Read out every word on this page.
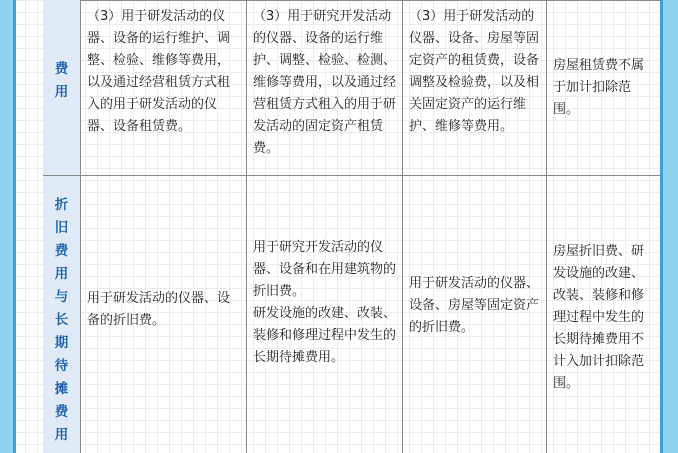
费用
（3）用于研发活动的仪器、设备的运行维护、调整、检验、维修等费用，以及通过经营租赁方式租入的用于研发活动的仪器、设备租赁费。
（3）用于研究开发活动的仪器、设备的运行维护、调整、检验、检测、维修等费用，以及通过经营租赁方式租入的用于研发活动的固定资产租赁费。
（3）用于研发活动的仪器、设备、房屋等固定资产的租赁费，设备调整及检验费，以及相关固定资产的运行维护、维修等费用。
房屋租赁费不属于加计扣除范围。
折旧费用与长期待摊费用
用于研发活动的仪器、设备的折旧费。
用于研究开发活动的仪器、设备和在用建筑物的折旧费。
研发设施的改建、改装、装修和修理过程中发生的长期待摊费用。
用于研发活动的仪器、设备、房屋等固定资产的折旧费。
房屋折旧费、研发设施的改建、改装、装修和修理过程中发生的长期待摊费用不计入加计扣除范围。
